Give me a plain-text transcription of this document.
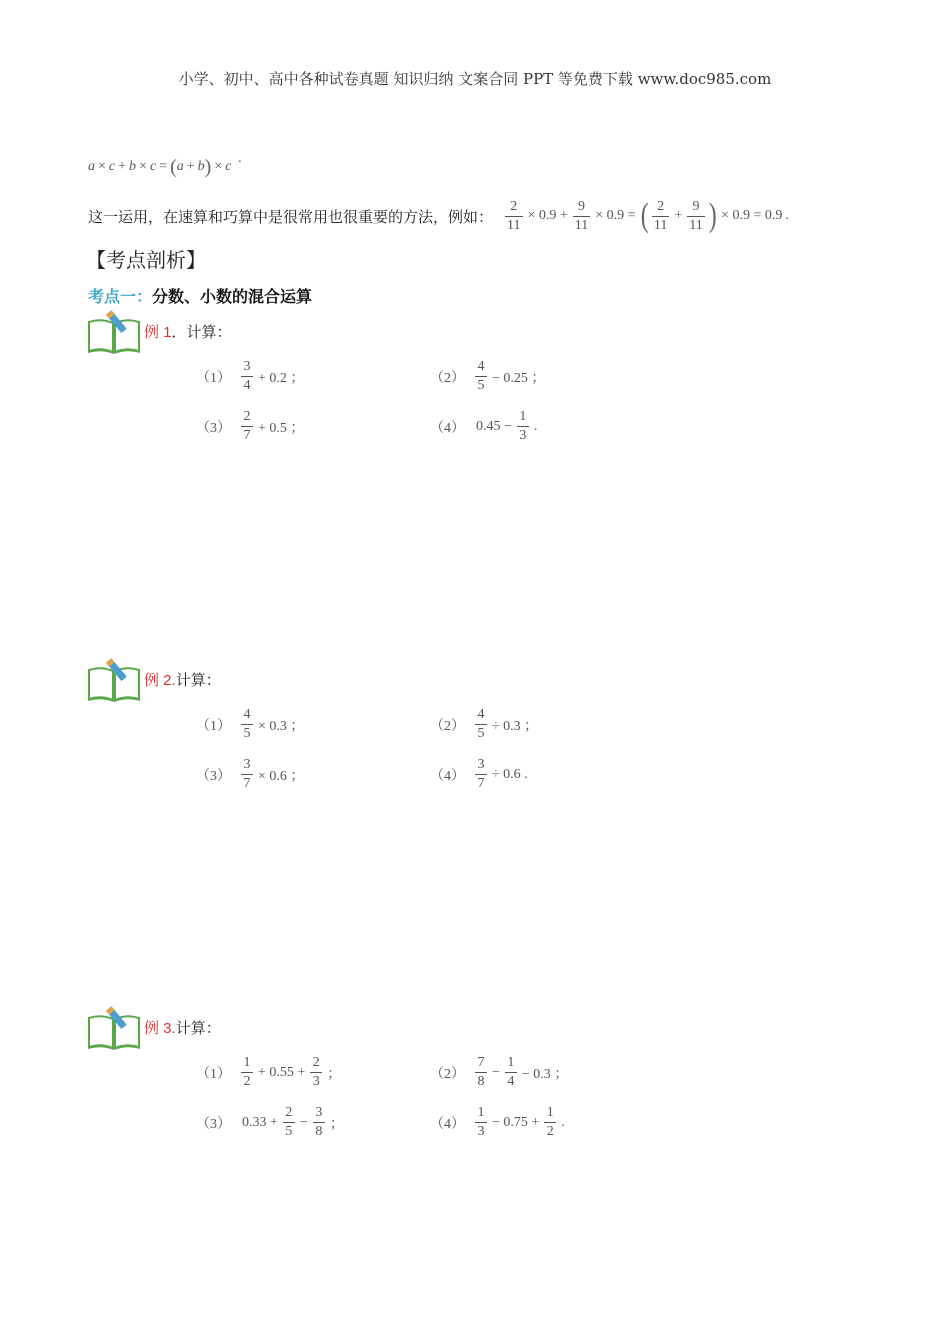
小学、初中、高中各种试卷真题 知识归纳 文案合同 PPT 等免费下载 www.doc985.com
a × c + b × c = ( a + b ) × c ·
这一运用，在速算和巧算中是很常用也很重要的方法，例如： $\frac{2}{11} \times 0.9 + \frac{9}{11} \times 0.9$ = ( $\frac{2}{11} + \frac{9}{11}$ ) × 0.9 = 0.9 .
【考点剖析】
考点一：分数、小数的混合运算
例 1．计算：
$(1) \frac{3}{4} + 0.2$ ；	$(2) \frac{4}{5} - 0.25$ ；
$(3) \frac{2}{7} + 0.5$ ；	（4） $0.45 - \frac{1}{3}$ .
例 2.计算：
$(1) \frac{4}{5} \times 0.3$ ；	$(2) \frac{4}{5} \div 0.3$ ；
$(3) \frac{3}{7} \times 0.6$ ；	$(4) \frac{3}{7} \div 0.6$ .
例 3.计算：
$(1) \frac{1}{2} + 0.55 + \frac{2}{3}$ ；	$(2) \frac{7}{8} - \frac{1}{4} - 0.3$ ；
（3） $0.33 + \frac{2}{5} - \frac{3}{8}$ ；	$(4) \frac{1}{3} - 0.75 + \frac{1}{2}$ .
